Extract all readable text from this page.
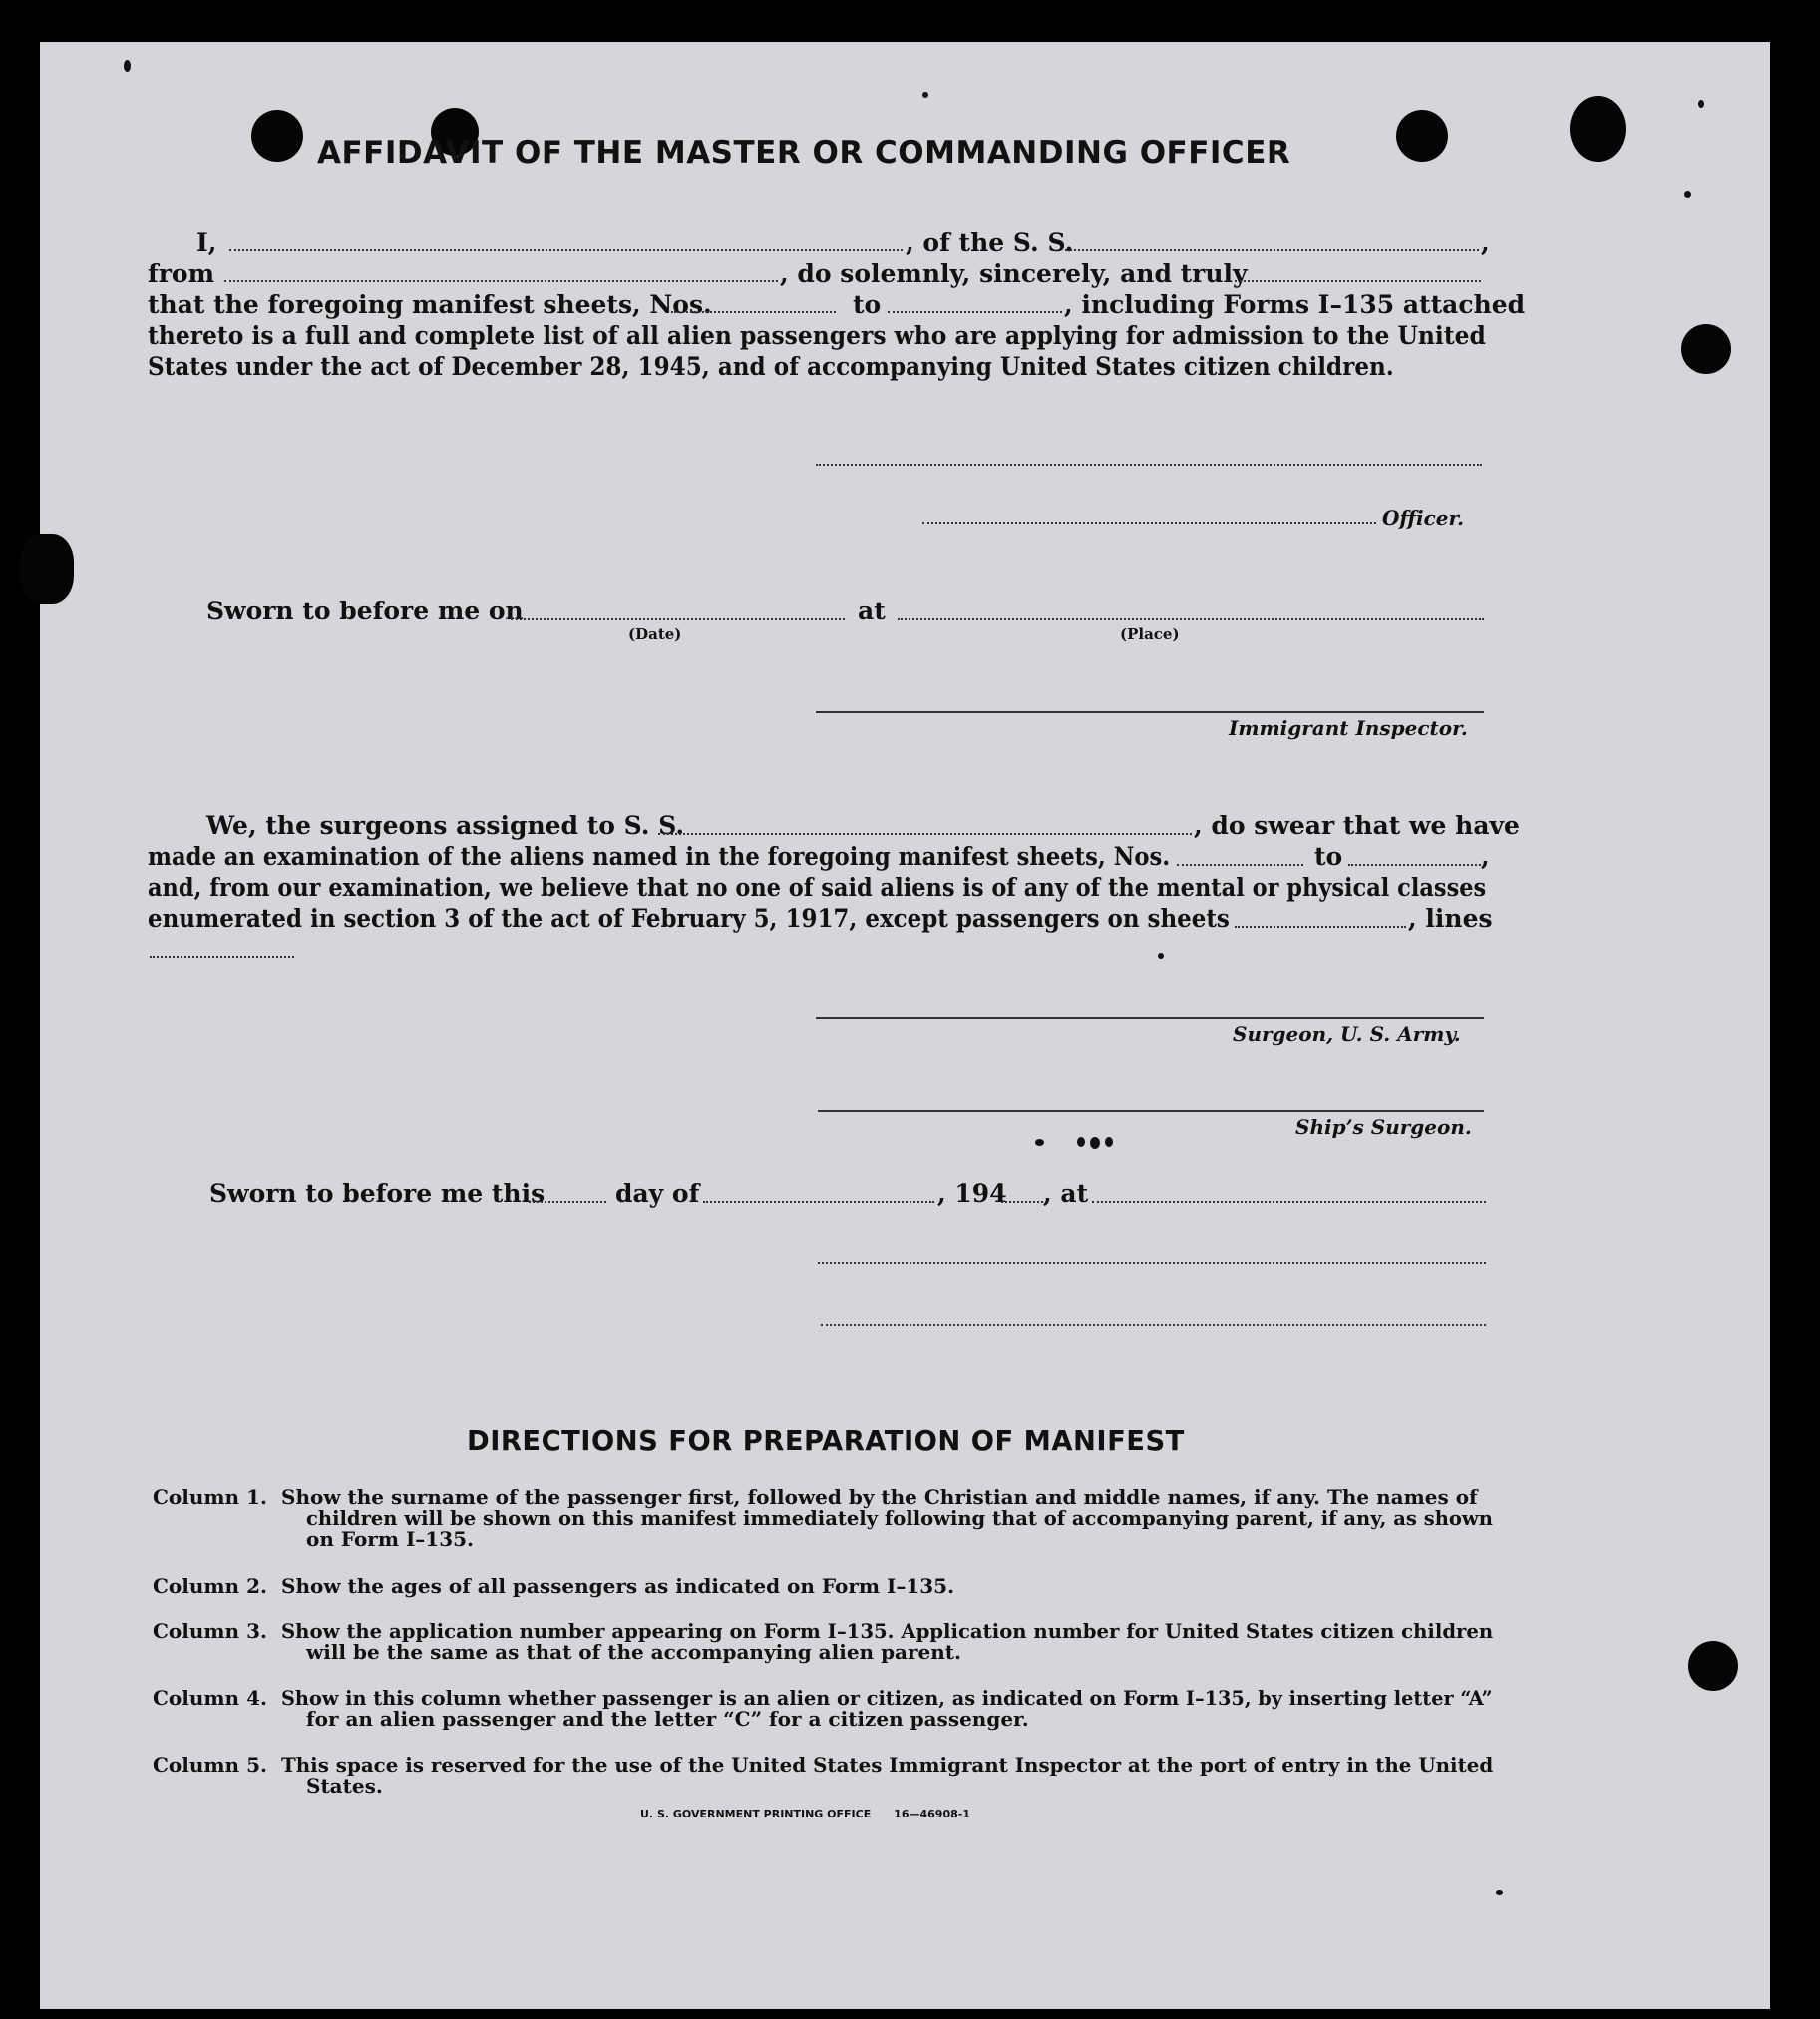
AFFIDAVIT OF THE MASTER OR COMMANDING OFFICER
I,	, of the S. S.	,
from	, do solemnly, sincerely, and truly
that the foregoing manifest sheets, Nos.	to	, including Forms I–135 attached
thereto is a full and complete list of all alien passengers who are applying for admission to the United
States under the act of December 28, 1945, and of accompanying United States citizen children.
Officer.
Sworn to before me on
(Date)
at
(Place)
Immigrant Inspector.
We, the surgeons assigned to S. S.	, do swear that we have
made an examination of the aliens named in the foregoing manifest sheets, Nos.	to	,
and, from our examination, we believe that no one of said aliens is of any of the mental or physical classes
enumerated in section 3 of the act of February 5, 1917, except passengers on sheets	, lines
Surgeon, U. S. Army.
Ship’s Surgeon.
Sworn to before me this	day of	, 194 , at
DIRECTIONS FOR PREPARATION OF MANIFEST
Column 1. Show the surname of the passenger first, followed by the Christian and middle names, if any. The names of
children will be shown on this manifest immediately following that of accompanying parent, if any, as shown
on Form I–135.
Column 2. Show the ages of all passengers as indicated on Form I–135.
Column 3. Show the application number appearing on Form I–135. Application number for United States citizen children
will be the same as that of the accompanying alien parent.
Column 4. Show in this column whether passenger is an alien or citizen, as indicated on Form I–135, by inserting letter “A”
for an alien passenger and the letter “C” for a citizen passenger.
Column 5. This space is reserved for the use of the United States Immigrant Inspector at the port of entry in the United
States.
U. S. GOVERNMENT PRINTING OFFICE      16—46908-1
